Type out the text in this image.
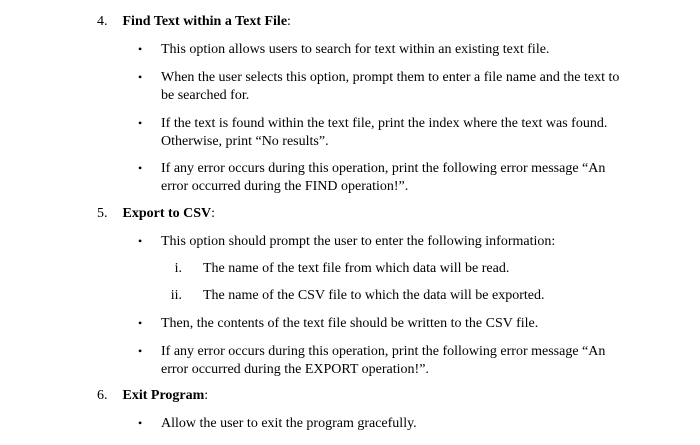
4. Find Text within a Text File:
• This option allows users to search for text within an existing text file.
• When the user selects this option, prompt them to enter a file name and the text to
be searched for.
• If the text is found within the text file, print the index where the text was found.
Otherwise, print “No results”.
• If any error occurs during this operation, print the following error message “An
error occurred during the FIND operation!”.
5. Export to CSV:
• This option should prompt the user to enter the following information:
i. The name of the text file from which data will be read.
ii. The name of the CSV file to which the data will be exported.
• Then, the contents of the text file should be written to the CSV file.
• If any error occurs during this operation, print the following error message “An
error occurred during the EXPORT operation!”.
6. Exit Program:
• Allow the user to exit the program gracefully.
